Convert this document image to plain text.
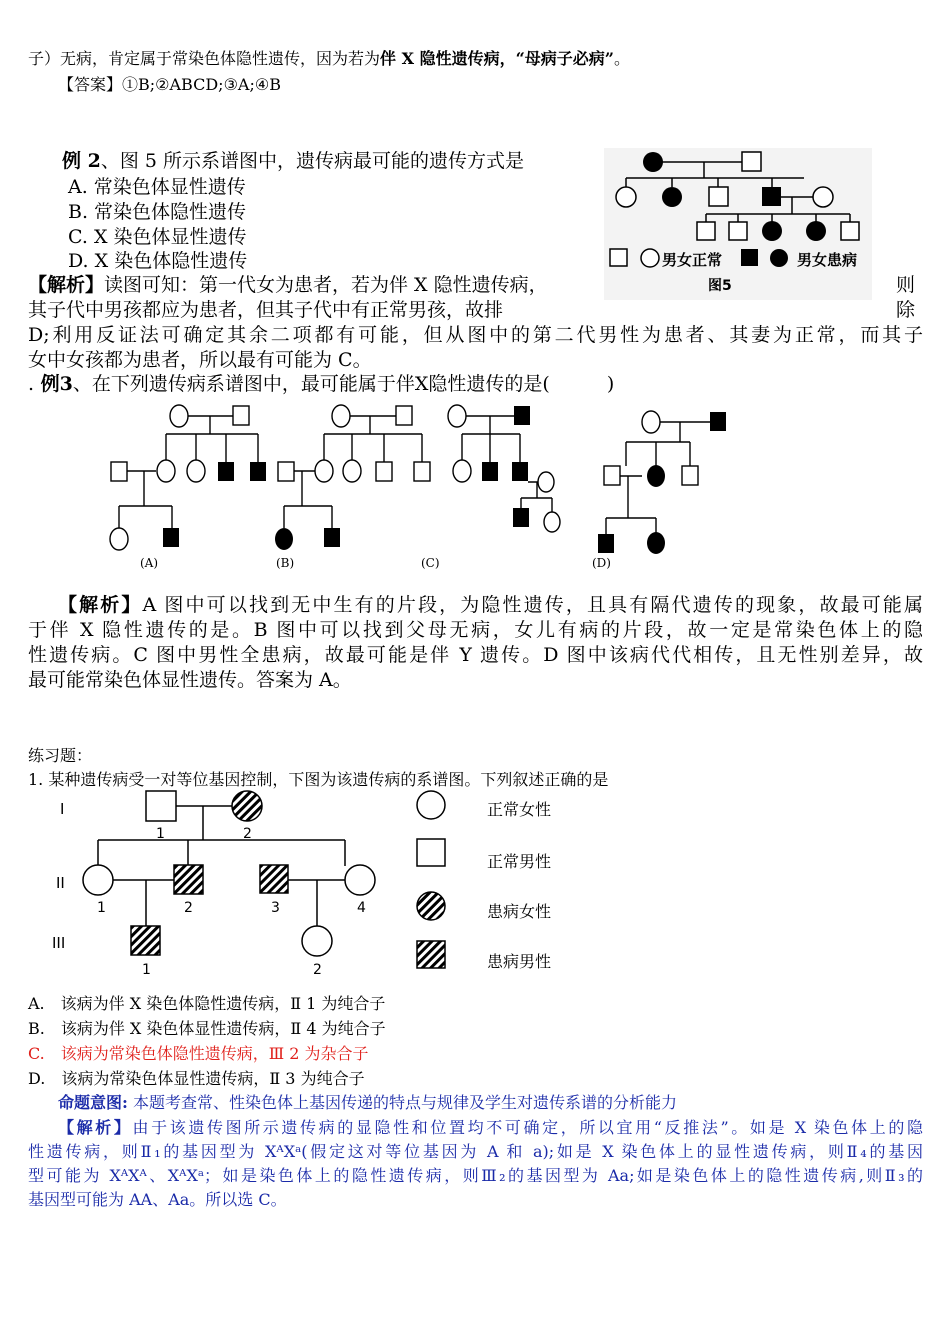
子）无病，肯定属于常染色体隐性遗传，因为若为伴 X 隐性遗传病，“母病子必病”。
【答案】①B;②ABCD;③A;④B
例 2、图 5 所示系谱图中，遗传病最可能的遗传方式是
A. 常染色体显性遗传
B. 常染色体隐性遗传
C. X 染色体显性遗传
D. X 染色体隐性遗传
【解析】读图可知：第一代女为患者，若为伴 X 隐性遗传病，	则
其子代中男孩都应为患者，但其子代中有正常男孩，故排	除
D;利用反证法可确定其余二项都有可能，但从图中的第二代男性为患者、其妻为正常，而其子
女中女孩都为患者，所以最有可能为 C。
男女正常	男女患病
图5
. 例3、在下列遗传病系谱图中，最可能属于伴X隐性遗传的是(　　　)
(A)	(B)	(C)	(D)
【解析】A 图中可以找到无中生有的片段，为隐性遗传，且具有隔代遗传的现象，故最可能属
于伴 X 隐性遗传的是。B 图中可以找到父母无病，女儿有病的片段，故一定是常染色体上的隐
性遗传病。C 图中男性全患病，故最可能是伴 Y 遗传。D 图中该病代代相传，且无性别差异，故
最可能常染色体显性遗传。答案为 A。
练习题：
1. 某种遗传病受一对等位基因控制，下图为该遗传病的系谱图。下列叙述正确的是
I
II
III
1	2
1	2	3	4
1	2
正常女性
正常男性
患病女性
患病男性
A.　该病为伴 X 染色体隐性遗传病，Ⅱ 1 为纯合子
B.　该病为伴 X 染色体显性遗传病，Ⅱ 4 为纯合子
C.　该病为常染色体隐性遗传病，Ⅲ 2 为杂合子
D.　该病为常染色体显性遗传病，Ⅱ 3 为纯合子
命题意图: 本题考查常、性染色体上基因传递的特点与规律及学生对遗传系谱的分析能力
【解析】由于该遗传图所示遗传病的显隐性和位置均不可确定，所以宜用“反推法”。如是 X 染色体上的隐
性遗传病，则Ⅱ₁的基因型为 XᴬXᵃ(假定这对等位基因为 A 和 a);如是 X 染色体上的显性遗传病，则Ⅱ₄的基因
型可能为 XᴬXᴬ、XᴬXᵃ；如是染色体上的隐性遗传病，则Ⅲ₂的基因型为 Aa;如是染色体上的隐性遗传病,则Ⅱ₃的
基因型可能为 AA、Aa。所以选 C。
